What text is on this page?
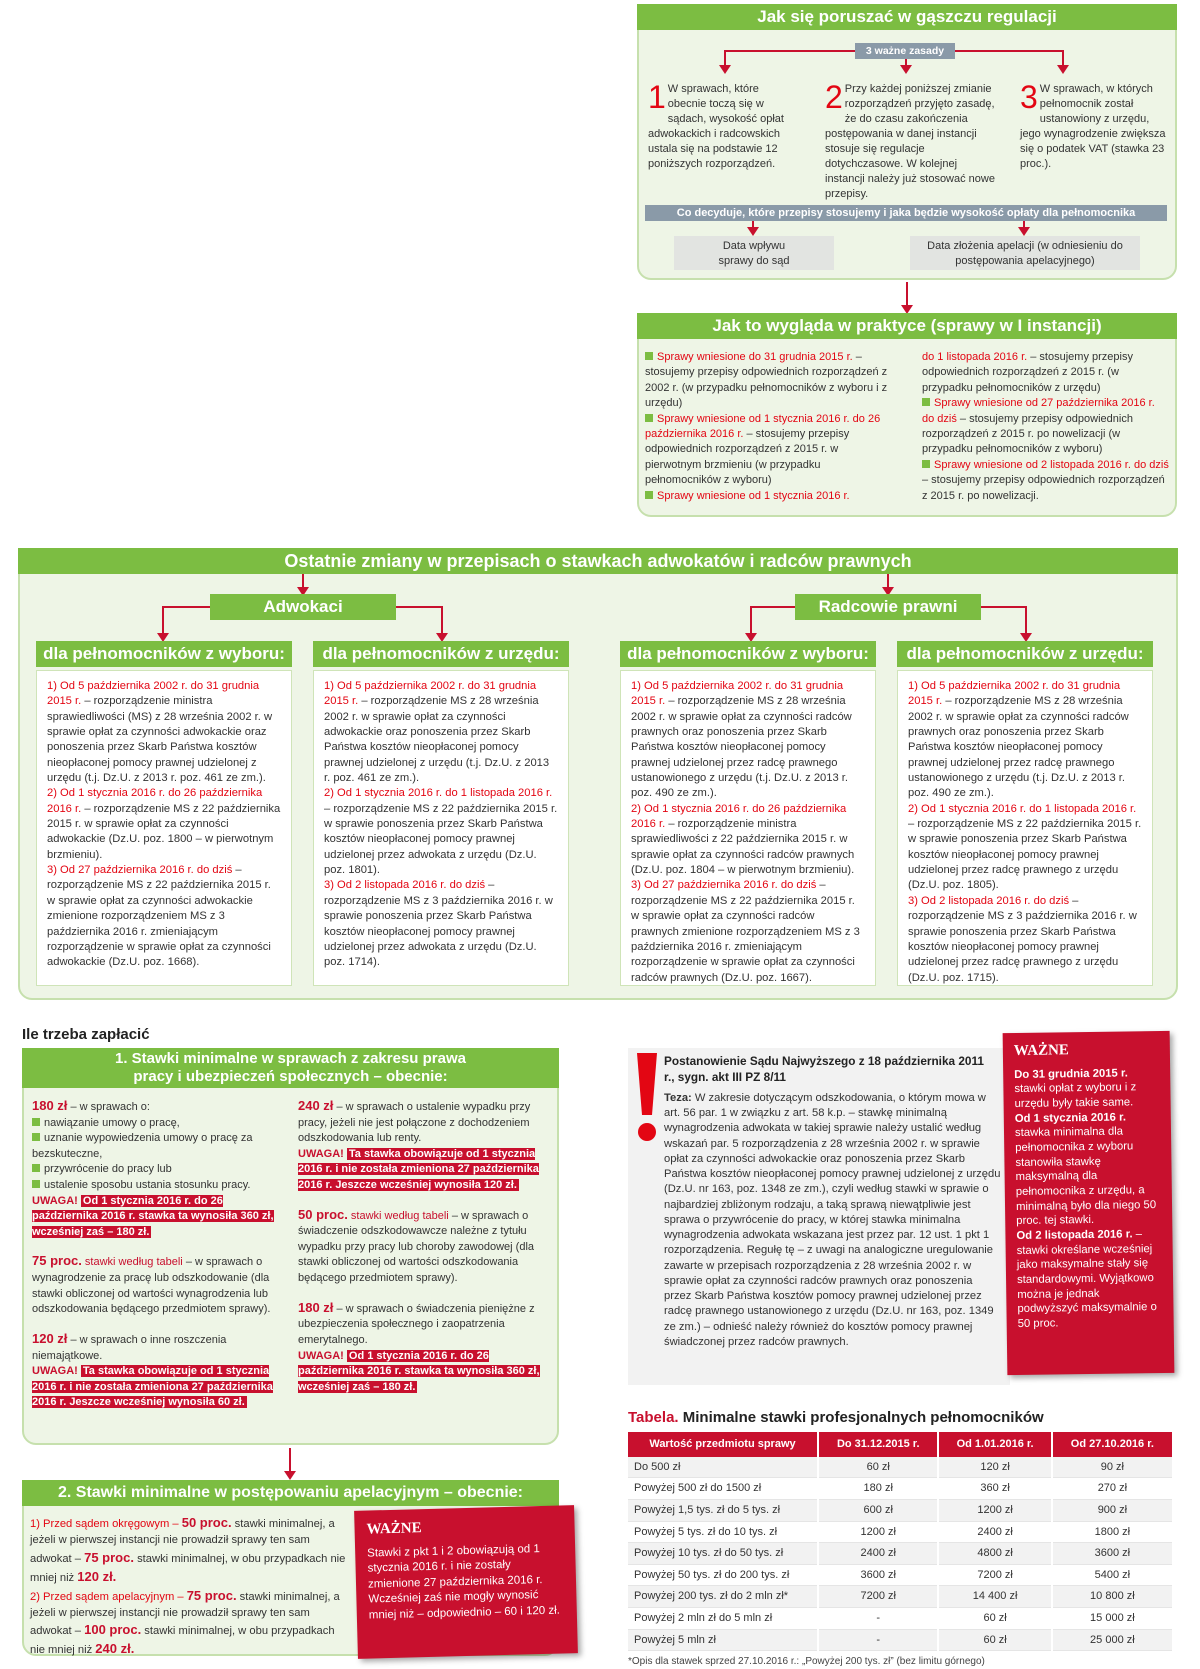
Jak się poruszać w gąszczu regulacji
3 ważne zasady
1 W sprawach, które obecnie toczą się w sądach, wysokość opłat adwokackich i radcowskich ustala się na podstawie 12 poniższych rozporządzeń.
2 Przy każdej poniższej zmianie rozporządzeń przyjęto zasadę, że do czasu zakończenia postępowania w danej instancji stosuje się regulacje dotychczasowe. W kolejnej instancji należy już stosować nowe przepisy.
3 W sprawach, w których pełnomocnik został ustanowiony z urzędu, jego wynagrodzenie zwiększa się o podatek VAT (stawka 23 proc.).
Co decyduje, które przepisy stosujemy i jaka będzie wysokość opłaty dla pełnomocnika
Data wpływu sprawy do sąd
Data złożenia apelacji (w odniesieniu do postępowania apelacyjnego)
Jak to wygląda w praktyce (sprawy w I instancji)

Sprawy wniesione do 31 grudnia 2015 r. – stosujemy przepisy odpowiednich rozporządzeń z 2002 r. (w przypadku pełnomocników z wyboru i z urzędu)

Sprawy wniesione od 1 stycznia 2016 r. do 26 października 2016 r. – stosujemy przepisy odpowiednich rozporządzeń z 2015 r. w pierwotnym brzmieniu (w przypadku pełnomocników z wyboru)

Sprawy wniesione od 1 stycznia 2016 r.

do 1 listopada 2016 r. – stosujemy przepisy odpowiednich rozporządzeń z 2015 r. (w przypadku pełnomocników z urzędu)

Sprawy wniesione od 27 października 2016 r. do dziś – stosujemy przepisy odpowiednich rozporządzeń z 2015 r. po nowelizacji (w przypadku pełnomocników z wyboru)

Sprawy wniesione od 2 listopada 2016 r. do dziś – stosujemy przepisy odpowiednich rozporządzeń z 2015 r. po nowelizacji.

Ostatnie zmiany w przepisach o stawkach adwokatów i radców prawnych
Adwokaci	Radcowie prawni
dla pełnomocników z wyboru:	dla pełnomocników z urzędu:	dla pełnomocników z wyboru:	dla pełnomocników z urzędu:

1) Od 5 października 2002 r. do 31 grudnia 2015 r. – rozporządzenie ministra sprawiedliwości (MS) z 28 września 2002 r. w sprawie opłat za czynności adwokackie oraz ponoszenia przez Skarb Państwa kosztów nieopłaconej pomocy prawnej udzielonej z urzędu (t.j. Dz.U. z 2013 r. poz. 461 ze zm.).

2) Od 1 stycznia 2016 r. do 26 października 2016 r. – rozporządzenie MS z 22 października 2015 r. w sprawie opłat za czynności adwokackie (Dz.U. poz. 1800 – w pierwotnym brzmieniu).

3) Od 27 października 2016 r. do dziś – rozporządzenie MS z 22 października 2015 r. w sprawie opłat za czynności adwokackie zmienione rozporządzeniem MS z 3 października 2016 r. zmieniającym rozporządzenie w sprawie opłat za czynności adwokackie (Dz.U. poz. 1668).

1) Od 5 października 2002 r. do 31 grudnia 2015 r. – rozporządzenie MS z 28 września 2002 r. w sprawie opłat za czynności adwokackie oraz ponoszenia przez Skarb Państwa kosztów nieopłaconej pomocy prawnej udzielonej z urzędu (t.j. Dz.U. z 2013 r. poz. 461 ze zm.).

2) Od 1 stycznia 2016 r. do 1 listopada 2016 r. – rozporządzenie MS z 22 października 2015 r. w sprawie ponoszenia przez Skarb Państwa kosztów nieopłaconej pomocy prawnej udzielonej przez adwokata z urzędu (Dz.U. poz. 1801).

3) Od 2 listopada 2016 r. do dziś – rozporządzenie MS z 3 października 2016 r. w sprawie ponoszenia przez Skarb Państwa kosztów nieopłaconej pomocy prawnej udzielonej przez adwokata z urzędu (Dz.U. poz. 1714).

1) Od 5 października 2002 r. do 31 grudnia 2015 r. – rozporządzenie MS z 28 września 2002 r. w sprawie opłat za czynności radców prawnych oraz ponoszenia przez Skarb Państwa kosztów nieopłaconej pomocy prawnej udzielonej przez radcę prawnego ustanowionego z urzędu (t.j. Dz.U. z 2013 r. poz. 490 ze zm.).

2) Od 1 stycznia 2016 r. do 26 października 2016 r. – rozporządzenie ministra sprawiedliwości z 22 października 2015 r. w sprawie opłat za czynności radców prawnych (Dz.U. poz. 1804 – w pierwotnym brzmieniu).

3) Od 27 października 2016 r. do dziś – rozporządzenie MS z 22 października 2015 r. w sprawie opłat za czynności radców prawnych zmienione rozporządzeniem MS z 3 października 2016 r. zmieniającym rozporządzenie w sprawie opłat za czynności radców prawnych (Dz.U. poz. 1667).

1) Od 5 października 2002 r. do 31 grudnia 2015 r. – rozporządzenie MS z 28 września 2002 r. w sprawie opłat za czynności radców prawnych oraz ponoszenia przez Skarb Państwa kosztów nieopłaconej pomocy prawnej udzielonej przez radcę prawnego ustanowionego z urzędu (t.j. Dz.U. z 2013 r. poz. 490 ze zm.).

2) Od 1 stycznia 2016 r. do 1 listopada 2016 r. – rozporządzenie MS z 22 października 2015 r. w sprawie ponoszenia przez Skarb Państwa kosztów nieopłaconej pomocy prawnej udzielonej przez radcę prawnego z urzędu (Dz.U. poz. 1805).

3) Od 2 listopada 2016 r. do dziś – rozporządzenie MS z 3 października 2016 r. w sprawie ponoszenia przez Skarb Państwa kosztów nieopłaconej pomocy prawnej udzielonej przez radcę prawnego z urzędu (Dz.U. poz. 1715).

Ile trzeba zapłacić
1. Stawki minimalne w sprawach z zakresu prawa pracy i ubezpieczeń społecznych – obecnie:

180 zł – w sprawach o:

nawiązanie umowy o pracę,

uznanie wypowiedzenia umowy o pracę za bezskuteczne,

przywrócenie do pracy lub

ustalenie sposobu ustania stosunku pracy.

UWAGA! Od 1 stycznia 2016 r. do 26 października 2016 r. stawka ta wynosiła 360 zł, wcześniej zaś – 180 zł.

75 proc. stawki według tabeli – w sprawach o wynagrodzenie za pracę lub odszkodowanie (dla stawki obliczonej od wartości wynagrodzenia lub odszkodowania będącego przedmiotem sprawy).

120 zł – w sprawach o inne roszczenia niemajątkowe.

UWAGA! Ta stawka obowiązuje od 1 stycznia 2016 r. i nie została zmieniona 27 października 2016 r. Jeszcze wcześniej wynosiła 60 zł.

240 zł – w sprawach o ustalenie wypadku przy pracy, jeżeli nie jest połączone z dochodzeniem odszkodowania lub renty.

UWAGA! Ta stawka obowiązuje od 1 stycznia 2016 r. i nie została zmieniona 27 października 2016 r. Jeszcze wcześniej wynosiła 120 zł.

50 proc. stawki według tabeli – w sprawach o świadczenie odszkodowawcze należne z tytułu wypadku przy pracy lub choroby zawodowej (dla stawki obliczonej od wartości odszkodowania będącego przedmiotem sprawy).

180 zł – w sprawach o świadczenia pieniężne z ubezpieczenia społecznego i zaopatrzenia emerytalnego.

UWAGA! Od 1 stycznia 2016 r. do 26 października 2016 r. stawka ta wynosiła 360 zł, wcześniej zaś – 180 zł.

2. Stawki minimalne w postępowaniu apelacyjnym – obecnie:

1) Przed sądem okręgowym – 50 proc. stawki minimalnej, a jeżeli w pierwszej instancji nie prowadził sprawy ten sam adwokat – 75 proc. stawki minimalnej, w obu przypadkach nie mniej niż 120 zł.

2) Przed sądem apelacyjnym – 75 proc. stawki minimalnej, a jeżeli w pierwszej instancji nie prowadził sprawy ten sam adwokat – 100 proc. stawki minimalnej, w obu przypadkach nie mniej niż 240 zł.

WAŻNE
Stawki z pkt 1 i 2 obowiązują od 1 stycznia 2016 r. i nie zostały zmienione 27 października 2016 r. Wcześniej zaś nie mogły wynosić mniej niż – odpowiednio – 60 i 120 zł.
Postanowienie Sądu Najwyższego z 18 października 2011 r., sygn. akt III PZ 8/11
Teza: W zakresie dotyczącym odszkodowania, o którym mowa w art. 56 par. 1 w związku z art. 58 k.p. – stawkę minimalną wynagrodzenia adwokata w takiej sprawie należy ustalić według wskazań par. 5 rozporządzenia z 28 września 2002 r. w sprawie opłat za czynności adwokackie oraz ponoszenia przez Skarb Państwa kosztów nieopłaconej pomocy prawnej udzielonej z urzędu (Dz.U. nr 163, poz. 1348 ze zm.), czyli według stawki w sprawie o najbardziej zbliżonym rodzaju, a taką sprawą niewątpliwie jest sprawa o przywrócenie do pracy, w której stawka minimalna wynagrodzenia adwokata wskazana jest przez par. 12 ust. 1 pkt 1 rozporządzenia. Regułę tę – z uwagi na analogiczne uregulowanie zawarte w przepisach rozporządzenia z 28 września 2002 r. w sprawie opłat za czynności radców prawnych oraz ponoszenia przez Skarb Państwa kosztów pomocy prawnej udzielonej przez radcę prawnego ustanowionego z urzędu (Dz.U. nr 163, poz. 1349 ze zm.) – odnieść należy również do kosztów pomocy prawnej świadczonej przez radców prawnych.
WAŻNE

Do 31 grudnia 2015 r. stawki opłat z wyboru i z urzędu były takie same.

Od 1 stycznia 2016 r. stawka minimalna dla pełnomocnika z wyboru stanowiła stawkę maksymalną dla pełnomocnika z urzędu, a minimalną było dla niego 50 proc. tej stawki.

Od 2 listopada 2016 r. – stawki określane wcześniej jako maksymalne stały się standardowymi. Wyjątkowo można je jednak podwyższyć maksymalnie o 50 proc.

Tabela. Minimalne stawki profesjonalnych pełnomocników
Wartość przedmiotu sprawy	Do 31.12.2015 r.	Od 1.01.2016 r.	Od 27.10.2016 r.
Do 500 zł	60 zł	120 zł	90 zł
Powyżej 500 zł do 1500 zł	180 zł	360 zł	270 zł
Powyżej 1,5 tys. zł do 5 tys. zł	600 zł	1200 zł	900 zł
Powyżej 5 tys. zł do 10 tys. zł	1200 zł	2400 zł	1800 zł
Powyżej 10 tys. zł do 50 tys. zł	2400 zł	4800 zł	3600 zł
Powyżej 50 tys. zł do 200 tys. zł	3600 zł	7200 zł	5400 zł
Powyżej 200 tys. zł do 2 mln zł*	7200 zł	14 400 zł	10 800 zł
Powyżej 2 mln zł do 5 mln zł	-	60 zł	15 000 zł
Powyżej 5 mln zł	-	60 zł	25 000 zł
*Opis dla stawek sprzed 27.10.2016 r.: „Powyżej 200 tys. zł” (bez limitu górnego)
